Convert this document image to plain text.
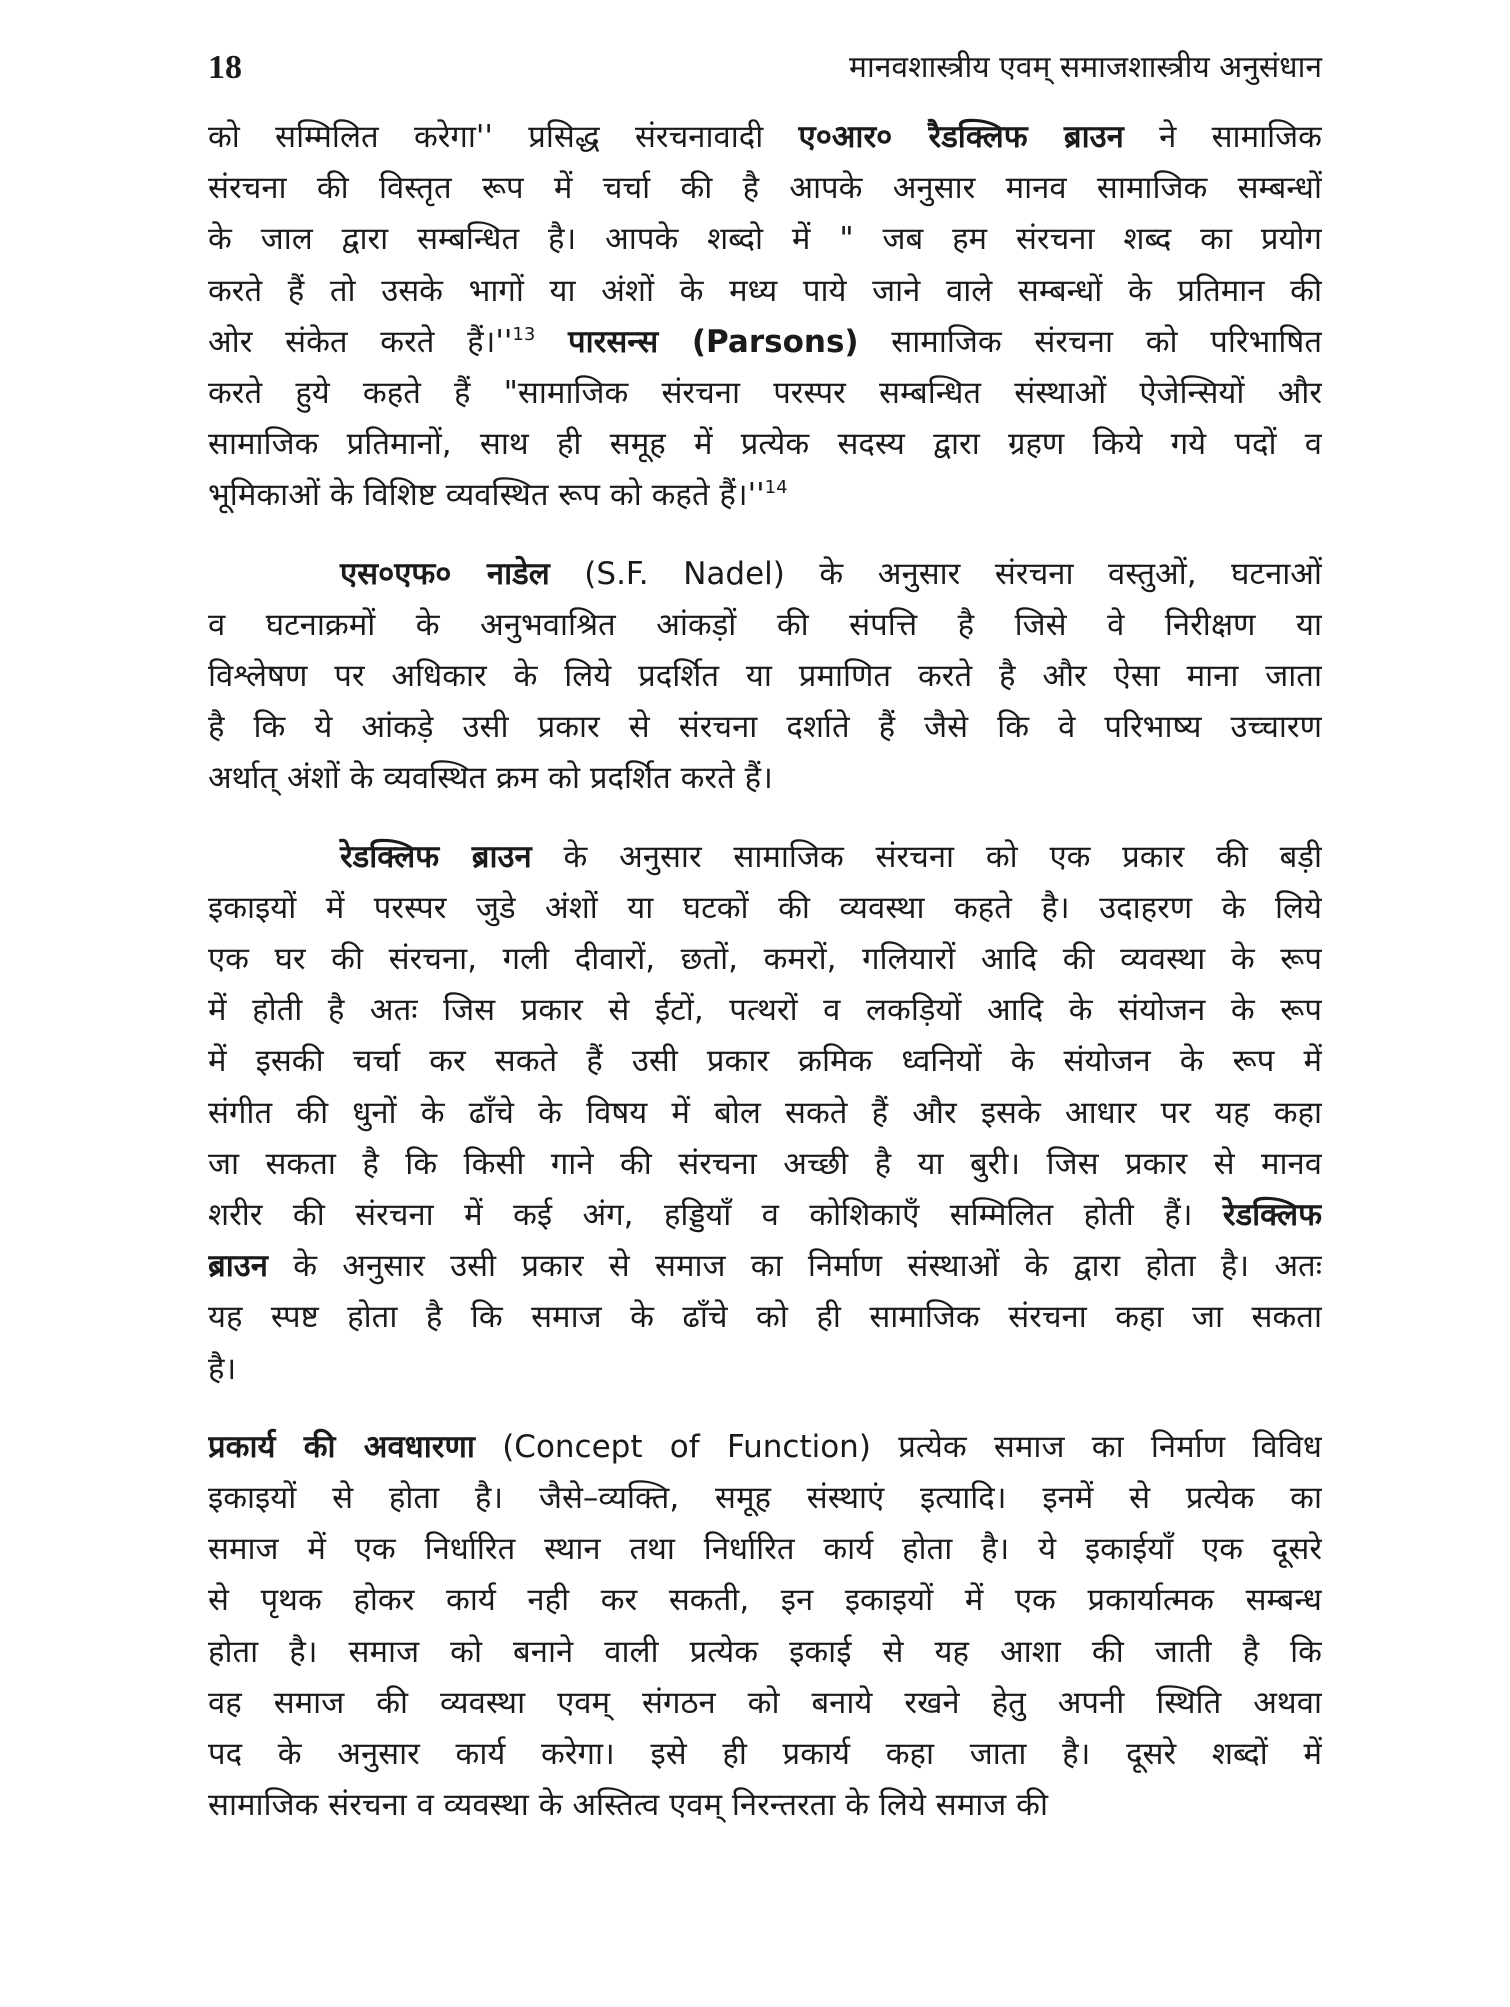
18	मानवशास्त्रीय एवम् समाजशास्त्रीय अनुसंधान
को सम्मिलित करेगा'' प्रसिद्ध संरचनावादी ए०आर० रैडक्लिफ ब्राउन ने सामाजिक
संरचना की विस्तृत रूप में चर्चा की है आपके अनुसार मानव सामाजिक सम्बन्धों
के जाल द्वारा सम्बन्धित है। आपके शब्दो में " जब हम संरचना शब्द का प्रयोग
करते हैं तो उसके भागों या अंशों के मध्य पाये जाने वाले सम्बन्धों के प्रतिमान की
ओर संकेत करते $हैं।''^{13}$ पारसन्स (Parsons) सामाजिक संरचना को परिभाषित
करते हुये कहते हैं "सामाजिक संरचना परस्पर सम्बन्धित संस्थाओं ऐजेन्सियों और
सामाजिक प्रतिमानों, साथ ही समूह में प्रत्येक सदस्य द्वारा ग्रहण किये गये पदों व
भूमिकाओं के विशिष्ट व्यवस्थित रूप को कहते $हैं।''^{14}$
एस०एफ० नाडेल (S.F. Nadel) के अनुसार संरचना वस्तुओं, घटनाओं
व घटनाक्रमों के अनुभवाश्रित आंकड़ों की संपत्ति है जिसे वे निरीक्षण या
विश्लेषण पर अधिकार के लिये प्रदर्शित या प्रमाणित करते है और ऐसा माना जाता
है कि ये आंकड़े उसी प्रकार से संरचना दर्शाते हैं जैसे कि वे परिभाष्य उच्चारण
अर्थात् अंशों के व्यवस्थित क्रम को प्रदर्शित करते हैं।
रेडक्लिफ ब्राउन के अनुसार सामाजिक संरचना को एक प्रकार की बड़ी
इकाइयों में परस्पर जुडे अंशों या घटकों की व्यवस्था कहते है। उदाहरण के लिये
एक घर की संरचना, गली दीवारों, छतों, कमरों, गलियारों आदि की व्यवस्था के रूप
में होती है अतः जिस प्रकार से ईटों, पत्थरों व लकड़ियों आदि के संयोजन के रूप
में इसकी चर्चा कर सकते हैं उसी प्रकार क्रमिक ध्वनियों के संयोजन के रूप में
संगीत की धुनों के ढाँचे के विषय में बोल सकते हैं और इसके आधार पर यह कहा
जा सकता है कि किसी गाने की संरचना अच्छी है या बुरी। जिस प्रकार से मानव
शरीर की संरचना में कई अंग, हड्डियाँ व कोशिकाएँ सम्मिलित होती हैं। रेडक्लिफ
ब्राउन के अनुसार उसी प्रकार से समाज का निर्माण संस्थाओं के द्वारा होता है। अतः
यह स्पष्ट होता है कि समाज के ढाँचे को ही सामाजिक संरचना कहा जा सकता
है।
प्रकार्य की अवधारणा (Concept of Function) प्रत्येक समाज का निर्माण विविध
इकाइयों से होता है। जैसे–व्यक्ति, समूह संस्थाएं इत्यादि। इनमें से प्रत्येक का
समाज में एक निर्धारित स्थान तथा निर्धारित कार्य होता है। ये इकाईयाँ एक दूसरे
से पृथक होकर कार्य नही कर सकती, इन इकाइयों में एक प्रकार्यात्मक सम्बन्ध
होता है। समाज को बनाने वाली प्रत्येक इकाई से यह आशा की जाती है कि
वह समाज की व्यवस्था एवम् संगठन को बनाये रखने हेतु अपनी स्थिति अथवा
पद के अनुसार कार्य करेगा। इसे ही प्रकार्य कहा जाता है। दूसरे शब्दों में
सामाजिक संरचना व व्यवस्था के अस्तित्व एवम् निरन्तरता के लिये समाज की
